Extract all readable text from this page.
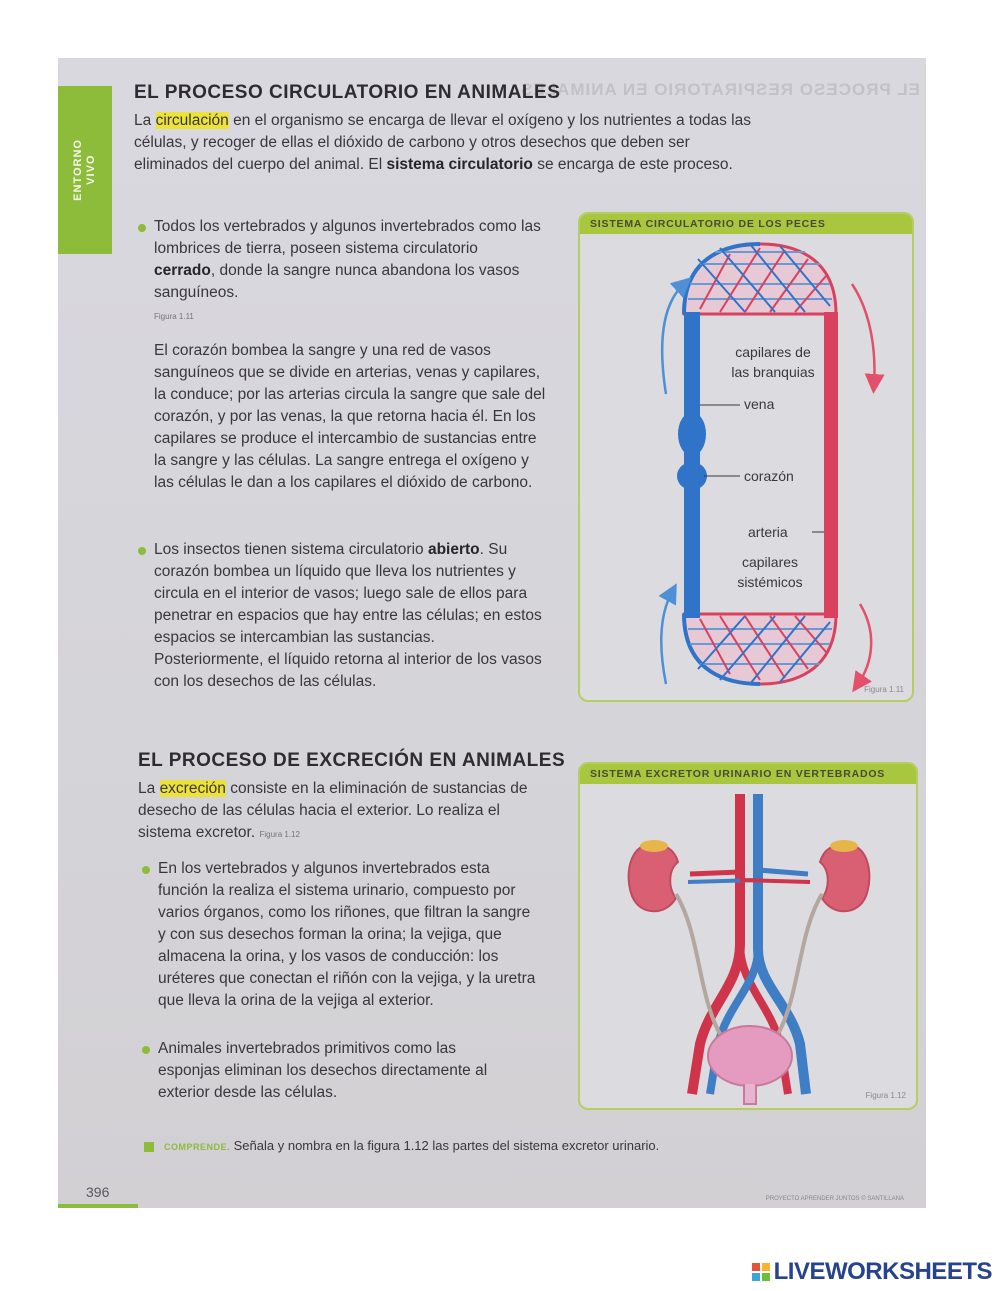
ENTORNO
VIVO
EL PROCESO RESPIRATORIO EN ANIMALES
EL PROCESO CIRCULATORIO EN ANIMALES
La circulación en el organismo se encarga de llevar el oxígeno y los nutrientes a todas las células, y recoger de ellas el dióxido de carbono y otros desechos que deben ser eliminados del cuerpo del animal. El sistema circulatorio se encarga de este proceso.
Todos los vertebrados y algunos invertebrados como las lombrices de tierra, poseen sistema circulatorio cerrado, donde la sangre nunca abandona los vasos sanguíneos.
Figura 1.11
El corazón bombea la sangre y una red de vasos sanguíneos que se divide en arterias, venas y capilares, la conduce; por las arterias circula la sangre que sale del corazón, y por las venas, la que retorna hacia él. En los capilares se produce el intercambio de sustancias entre la sangre y las células. La sangre entrega el oxígeno y las células le dan a los capilares el dióxido de carbono.
Los insectos tienen sistema circulatorio abierto. Su corazón bombea un líquido que lleva los nutrientes y circula en el interior de vasos; luego sale de ellos para penetrar en espacios que hay entre las células; en estos espacios se intercambian las sustancias. Posteriormente, el líquido retorna al interior de los vasos con los desechos de las células.
SISTEMA CIRCULATORIO DE LOS PECES
capilares de
las branquias
vena
corazón
arteria
capilares
sistémicos
Figura 1.11
EL PROCESO DE EXCRECIÓN EN ANIMALES
La excreción consiste en la eliminación de sustancias de desecho de las células hacia el exterior. Lo realiza el sistema excretor. Figura 1.12
En los vertebrados y algunos invertebrados esta función la realiza el sistema urinario, compuesto por varios órganos, como los riñones, que filtran la sangre y con sus desechos forman la orina; la vejiga, que almacena la orina, y los vasos de conducción: los uréteres que conectan el riñón con la vejiga, y la uretra que lleva la orina de la vejiga al exterior.
Animales invertebrados primitivos como las esponjas eliminan los desechos directamente al exterior desde las células.
SISTEMA EXCRETOR URINARIO EN VERTEBRADOS
Figura 1.12
COMPRENDE. Señala y nombra en la figura 1.12 las partes del sistema excretor urinario.
396	PROYECTO APRENDER JUNTOS © SANTILLANA
LIVEWORKSHEETS
